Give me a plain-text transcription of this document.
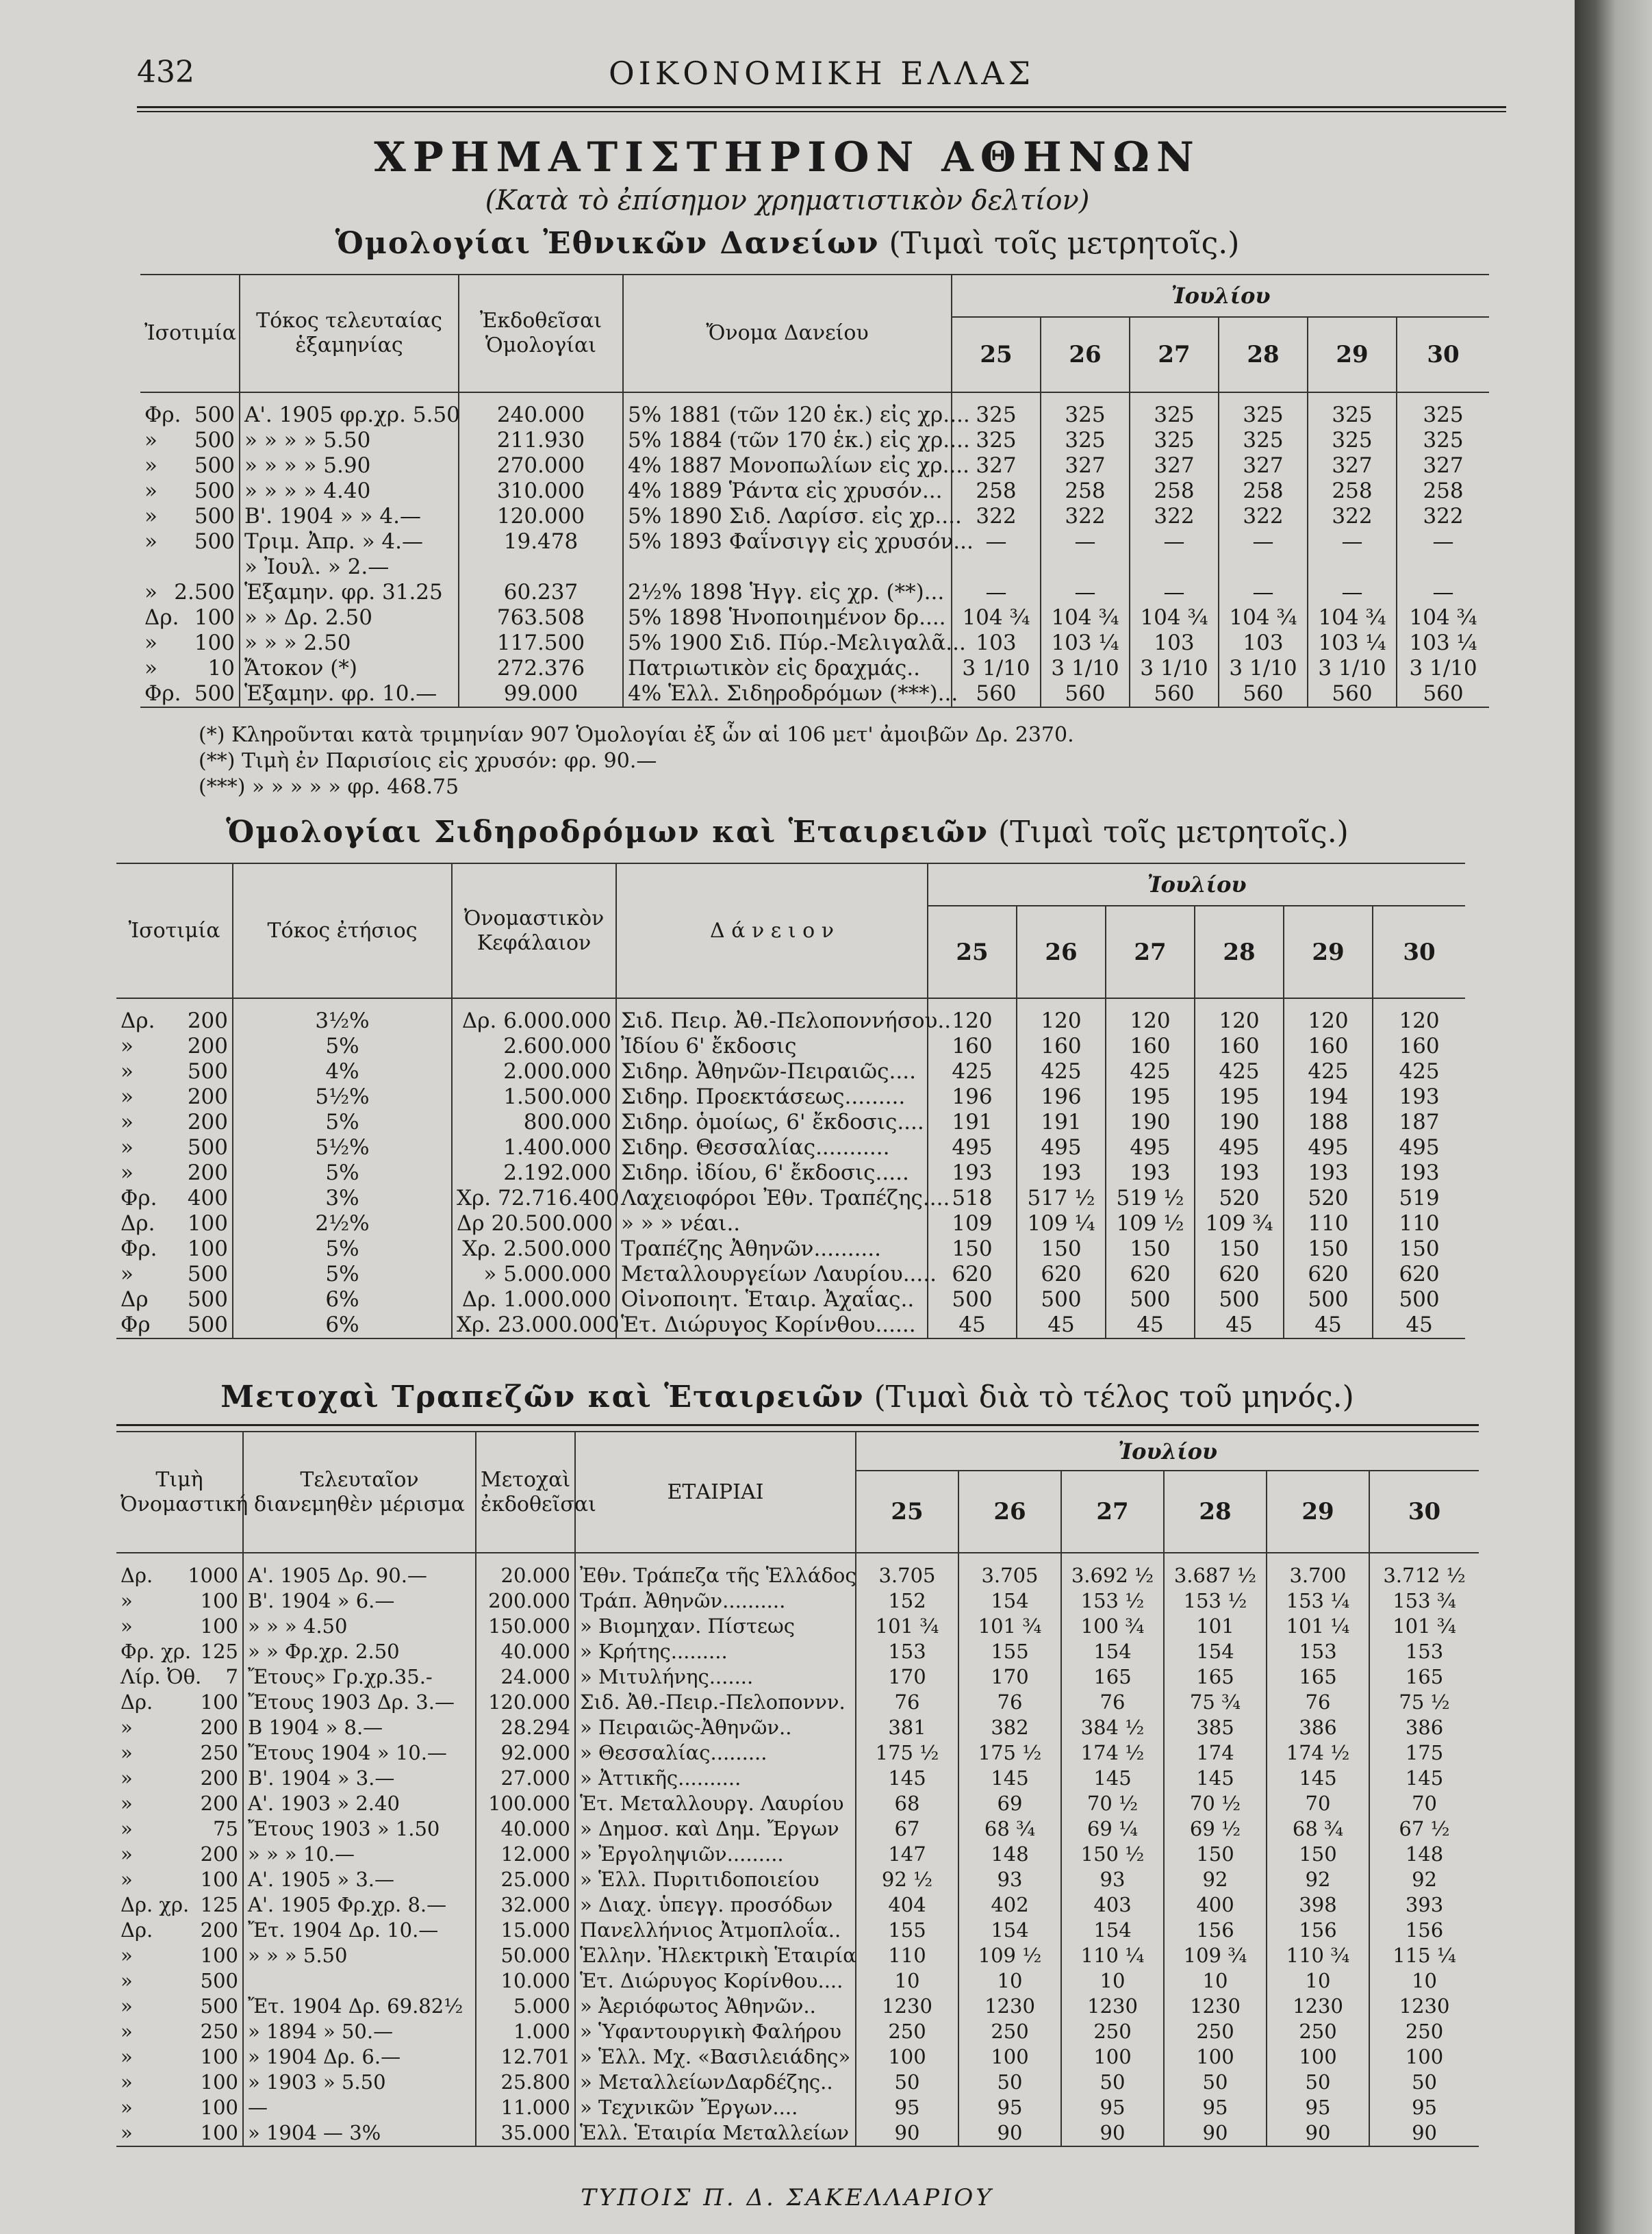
432	ΟΙΚΟΝΟΜΙΚΗ ΕΛΛΑΣ
ΧΡΗΜΑΤΙΣΤΗΡΙΟΝ ΑΘΗΝΩΝ
(Κατὰ τὸ ἐπίσημον χρηματιστικὸν δελτίον)
Ὁμολογίαι Ἐθνικῶν Δανείων (Τιμαὶ τοῖς μετρητοῖς.)
Ἰσοτιμία	Τόκος τελευταίας ἑξαμηνίας	Ἐκδοθεῖσαι Ὁμολογίαι	Ὄνομα Δανείου	Ἰουλίου					
				25	26	27	28	29	30

Φρ. 500	Α'. 1905 φρ.χρ. 5.50	240.000	5% 1881 (τῶν 120 ἑκ.) εἰς χρ....	325	325	325	325	325	325

» 500	» » » » 5.50	211.930	5% 1884 (τῶν 170 ἑκ.) εἰς χρ....	325	325	325	325	325	325

» 500	» » » » 5.90	270.000	4% 1887 Μονοπωλίων εἰς χρ....	327	327	327	327	327	327

» 500	» » » » 4.40	310.000	4% 1889 Ῥάντα εἰς χρυσόν...	258	258	258	258	258	258

» 500	Β'. 1904 » » 4.—	120.000	5% 1890 Σιδ. Λαρίσσ. εἰς χρ....	322	322	322	322	322	322

» 500	Τριμ. Ἀπρ. » 4.—	19.478	5% 1893 Φαΐνσιγγ εἰς χρυσόν...	—	—	—	—	—	—

	» Ἰουλ. » 2.—								

» 2.500	Ἑξαμην. φρ. 31.25	60.237	2½% 1898 Ἡγγ. εἰς χρ. (**)...	—	—	—	—	—	—

Δρ. 100	» » Δρ. 2.50	763.508	5% 1898 Ἡνοποιημένον δρ....	104 ¾	104 ¾	104 ¾	104 ¾	104 ¾	104 ¾

» 100	» » » 2.50	117.500	5% 1900 Σιδ. Πύρ.-Μελιγαλᾶ...	103	103 ¼	103	103	103 ¼	103 ¼

» 10	Ἄτοκον (*)	272.376	Πατριωτικὸν εἰς δραχμάς..	3 1/10	3 1/10	3 1/10	3 1/10	3 1/10	3 1/10

Φρ. 500	Ἑξαμην. φρ. 10.—	99.000	4% Ἑλλ. Σιδηροδρόμων (***)...	560	560	560	560	560	560
(*) Κληροῦνται κατὰ τριμηνίαν 907 Ὁμολογίαι ἐξ ὧν αἱ 106 μετ' ἀμοιβῶν Δρ. 2370.
(**) Τιμὴ ἐν Παρισίοις εἰς χρυσόν: φρ. 90.—
(***) » » » » » φρ. 468.75
Ὁμολογίαι Σιδηροδρόμων καὶ Ἑταιρειῶν (Τιμαὶ τοῖς μετρητοῖς.)
Ἰσοτιμία	Τόκος ἐτήσιος	Ὀνομαστικὸν Κεφάλαιον	Δ ά ν ε ι ο ν	Ἰουλίου					
				25	26	27	28	29	30

Δρ. 200	3½%	Δρ. 6.000.000	Σιδ. Πειρ. Ἀθ.-Πελοποννήσου..	120	120	120	120	120	120

» 200	5%	2.600.000	Ἰδίου 6' ἔκδοσις	160	160	160	160	160	160

» 500	4%	2.000.000	Σιδηρ. Ἀθηνῶν-Πειραιῶς....	425	425	425	425	425	425

» 200	5½%	1.500.000	Σιδηρ. Προεκτάσεως.........	196	196	195	195	194	193

» 200	5%	800.000	Σιδηρ. ὁμοίως, 6' ἔκδοσις....	191	191	190	190	188	187

» 500	5½%	1.400.000	Σιδηρ. Θεσσαλίας...........	495	495	495	495	495	495

» 200	5%	2.192.000	Σιδηρ. ἰδίου, 6' ἔκδοσις.....	193	193	193	193	193	193

Φρ. 400	3%	Χρ. 72.716.400	Λαχειοφόροι Ἐθν. Τραπέζης....	518	517 ½	519 ½	520	520	519

Δρ. 100	2½%	Δρ 20.500.000	» » » νέαι..	109	109 ¼	109 ½	109 ¾	110	110

Φρ. 100	5%	Χρ. 2.500.000	Τραπέζης Ἀθηνῶν..........	150	150	150	150	150	150

» 500	5%	» 5.000.000	Μεταλλουργείων Λαυρίου.....	620	620	620	620	620	620

Δρ 500	6%	Δρ. 1.000.000	Οἰνοποιητ. Ἑταιρ. Ἀχαΐας..	500	500	500	500	500	500

Φρ 500	6%	Χρ. 23.000.000	Ἑτ. Διώρυγος Κορίνθου......	45	45	45	45	45	45
Μετοχαὶ Τραπεζῶν καὶ Ἑταιρειῶν (Τιμαὶ διὰ τὸ τέλος τοῦ μηνός.)
Τιμὴ Ὀνομαστική	Τελευταῖον διανεμηθὲν μέρισμα	Μετοχαὶ ἐκδοθεῖσαι	ΕΤΑΙΡΙΑΙ	Ἰουλίου					
				25	26	27	28	29	30

Δρ. 1000	Α'. 1905 Δρ. 90.—	20.000	Ἐθν. Τράπεζα τῆς Ἑλλάδος	3.705	3.705	3.692 ½	3.687 ½	3.700	3.712 ½

» 100	Β'. 1904 » 6.—	200.000	Τράπ. Ἀθηνῶν..........	152	154	153 ½	153 ½	153 ¼	153 ¾

» 100	» » » 4.50	150.000	» Βιομηχαν. Πίστεως	101 ¾	101 ¾	100 ¾	101	101 ¼	101 ¾

Φρ. χρ. 125	» » Φρ.χρ. 2.50	40.000	» Κρήτης.........	153	155	154	154	153	153

Λίρ. Ὀθ. 7	Ἔτους» Γρ.χρ.35.-	24.000	» Μιτυλήνης.......	170	170	165	165	165	165

Δρ. 100	Ἔτους 1903 Δρ. 3.—	120.000	Σιδ. Ἀθ.-Πειρ.-Πελοποννν.	76	76	76	75 ¾	76	75 ½

» 200	Β 1904 » 8.—	28.294	» Πειραιῶς-Ἀθηνῶν..	381	382	384 ½	385	386	386

» 250	Ἔτους 1904 » 10.—	92.000	» Θεσσαλίας.........	175 ½	175 ½	174 ½	174	174 ½	175

» 200	Β'. 1904 » 3.—	27.000	» Ἀττικῆς..........	145	145	145	145	145	145

» 200	Α'. 1903 » 2.40	100.000	Ἑτ. Μεταλλουργ. Λαυρίου	68	69	70 ½	70 ½	70	70

» 75	Ἔτους 1903 » 1.50	40.000	» Δημοσ. καὶ Δημ. Ἔργων	67	68 ¾	69 ¼	69 ½	68 ¾	67 ½

» 200	» » » 10.—	12.000	» Ἐργοληψιῶν.........	147	148	150 ½	150	150	148

» 100	Α'. 1905 » 3.—	25.000	» Ἑλλ. Πυριτιδοποιείου	92 ½	93	93	92	92	92

Δρ. χρ. 125	Α'. 1905 Φρ.χρ. 8.—	32.000	» Διαχ. ὑπεγγ. προσόδων	404	402	403	400	398	393

Δρ. 200	Ἔτ. 1904 Δρ. 10.—	15.000	Πανελλήνιος Ἀτμοπλοΐα..	155	154	154	156	156	156

» 100	» » » 5.50	50.000	Ἑλλην. Ἠλεκτρικὴ Ἑταιρία	110	109 ½	110 ¼	109 ¾	110 ¾	115 ¼

» 500		10.000	Ἑτ. Διώρυγος Κορίνθου....	10	10	10	10	10	10

» 500	Ἔτ. 1904 Δρ. 69.82½	5.000	» Ἀεριόφωτος Ἀθηνῶν..	1230	1230	1230	1230	1230	1230

» 250	» 1894 » 50.—	1.000	» Ὑφαντουργικὴ Φαλήρου	250	250	250	250	250	250

» 100	» 1904 Δρ. 6.—	12.701	» Ἑλλ. Μχ. «Βασιλειάδης»	100	100	100	100	100	100

» 100	» 1903 » 5.50	25.800	» ΜεταλλείωνΔαρδέζης..	50	50	50	50	50	50

» 100	—	11.000	» Τεχνικῶν Ἔργων....	95	95	95	95	95	95

» 100	» 1904 — 3%	35.000	Ἑλλ. Ἑταιρία Μεταλλείων	90	90	90	90	90	90
ΤΥΠΟΙΣ Π. Δ. ΣΑΚΕΛΛΑΡΙΟΥ
